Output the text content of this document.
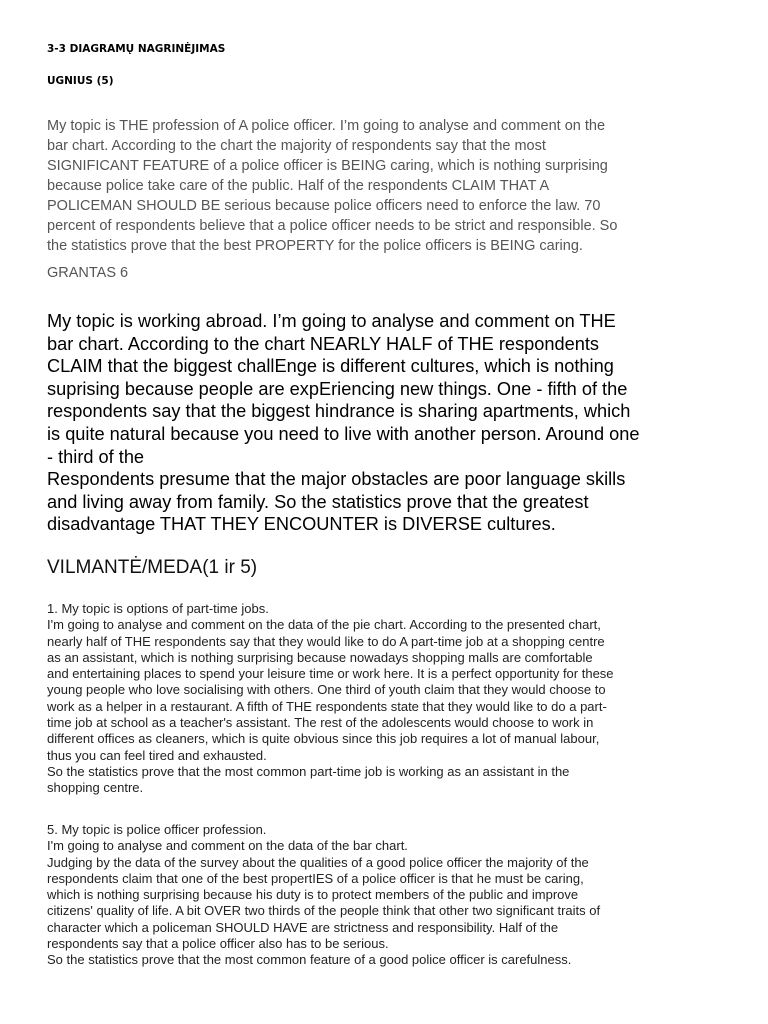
3-3 DIAGRAMŲ NAGRINĖJIMAS
UGNIUS (5)
My topic is THE profession of A police officer. I’m going to analyse and comment on the
bar chart. According to the chart the majority of respondents say that the most
SIGNIFICANT FEATURE of a police officer is BEING caring, which is nothing surprising
because police take care of the public. Half of the respondents CLAIM THAT A
POLICEMAN SHOULD BE serious because police officers need to enforce the law. 70
percent of respondents believe that a police officer needs to be strict and responsible. So
the statistics prove that the best PROPERTY for the police officers is BEING caring.
GRANTAS 6
My topic is working abroad. I’m going to analyse and comment on THE
bar chart. According to the chart NEARLY HALF of THE respondents
CLAIM that the biggest challEnge is different cultures, which is nothing
suprising because people are expEriencing new things. One - fifth of the
respondents say that the biggest hindrance is sharing apartments, which
is quite natural because you need to live with another person. Around one
- third of the
Respondents presume that the major obstacles are poor language skills
and living away from family. So the statistics prove that the greatest
disadvantage THAT THEY ENCOUNTER is DIVERSE cultures.
VILMANTĖ/MEDA(1 ir 5)
1. My topic is options of part-time jobs.
I'm going to analyse and comment on the data of the pie chart. According to the presented chart,
nearly half of THE respondents say that they would like to do A part-time job at a shopping centre
as an assistant, which is nothing surprising because nowadays shopping malls are comfortable
and entertaining places to spend your leisure time or work here. It is a perfect opportunity for these
young people who love socialising with others. One third of youth claim that they would choose to
work as a helper in a restaurant. A fifth of THE respondents state that they would like to do a part-
time job at school as a teacher's assistant. The rest of the adolescents would choose to work in
different offices as cleaners, which is quite obvious since this job requires a lot of manual labour,
thus you can feel tired and exhausted.
So the statistics prove that the most common part-time job is working as an assistant in the
shopping centre.
5. My topic is police officer profession.
I'm going to analyse and comment on the data of the bar chart.
Judging by the data of the survey about the qualities of a good police officer the majority of the
respondents claim that one of the best propertIES of a police officer is that he must be caring,
which is nothing surprising because his duty is to protect members of the public and improve
citizens' quality of life. A bit OVER two thirds of the people think that other two significant traits of
character which a policeman SHOULD HAVE are strictness and responsibility. Half of the
respondents say that a police officer also has to be serious.
So the statistics prove that the most common feature of a good police officer is carefulness.
